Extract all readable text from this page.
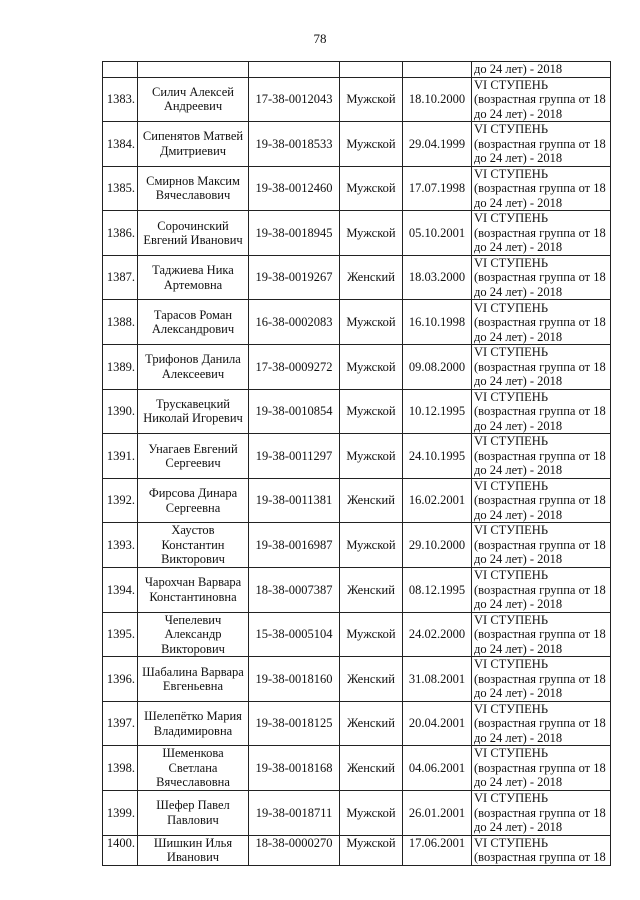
78

					до 24 лет) - 2018

1383.	Силич Алексей Андреевич	17-38-0012043	Мужской	18.10.2000	VI СТУПЕНЬ
(возрастная группа от 18
до 24 лет) - 2018

1384.	Сипенятов Матвей Дмитриевич	19-38-0018533	Мужской	29.04.1999	VI СТУПЕНЬ
(возрастная группа от 18
до 24 лет) - 2018

1385.	Смирнов Максим Вячеславович	19-38-0012460	Мужской	17.07.1998	VI СТУПЕНЬ
(возрастная группа от 18
до 24 лет) - 2018

1386.	Сорочинский Евгений Иванович	19-38-0018945	Мужской	05.10.2001	VI СТУПЕНЬ
(возрастная группа от 18
до 24 лет) - 2018

1387.	Таджиева Ника Артемовна	19-38-0019267	Женский	18.03.2000	VI СТУПЕНЬ
(возрастная группа от 18
до 24 лет) - 2018

1388.	Тарасов Роман Александрович	16-38-0002083	Мужской	16.10.1998	VI СТУПЕНЬ
(возрастная группа от 18
до 24 лет) - 2018

1389.	Трифонов Данила Алексеевич	17-38-0009272	Мужской	09.08.2000	VI СТУПЕНЬ
(возрастная группа от 18
до 24 лет) - 2018

1390.	Трускавецкий Николай Игоревич	19-38-0010854	Мужской	10.12.1995	VI СТУПЕНЬ
(возрастная группа от 18
до 24 лет) - 2018

1391.	Унагаев Евгений Сергеевич	19-38-0011297	Мужской	24.10.1995	VI СТУПЕНЬ
(возрастная группа от 18
до 24 лет) - 2018

1392.	Фирсова Динара Сергеевна	19-38-0011381	Женский	16.02.2001	VI СТУПЕНЬ
(возрастная группа от 18
до 24 лет) - 2018

1393.	Хаустов Константин Викторович	19-38-0016987	Мужской	29.10.2000	VI СТУПЕНЬ
(возрастная группа от 18
до 24 лет) - 2018

1394.	Чарохчан Варвара Константиновна	18-38-0007387	Женский	08.12.1995	VI СТУПЕНЬ
(возрастная группа от 18
до 24 лет) - 2018

1395.	Чепелевич Александр Викторович	15-38-0005104	Мужской	24.02.2000	VI СТУПЕНЬ
(возрастная группа от 18
до 24 лет) - 2018

1396.	Шабалина Варвара Евгеньевна	19-38-0018160	Женский	31.08.2001	VI СТУПЕНЬ
(возрастная группа от 18
до 24 лет) - 2018

1397.	Шелепётко Мария Владимировна	19-38-0018125	Женский	20.04.2001	VI СТУПЕНЬ
(возрастная группа от 18
до 24 лет) - 2018

1398.	Шеменкова Светлана Вячеславовна	19-38-0018168	Женский	04.06.2001	VI СТУПЕНЬ
(возрастная группа от 18
до 24 лет) - 2018

1399.	Шефер Павел Павлович	19-38-0018711	Мужской	26.01.2001	VI СТУПЕНЬ
(возрастная группа от 18
до 24 лет) - 2018

1400.	Шишкин Илья Иванович	18-38-0000270	Мужской	17.06.2001	VI СТУПЕНЬ
(возрастная группа от 18
